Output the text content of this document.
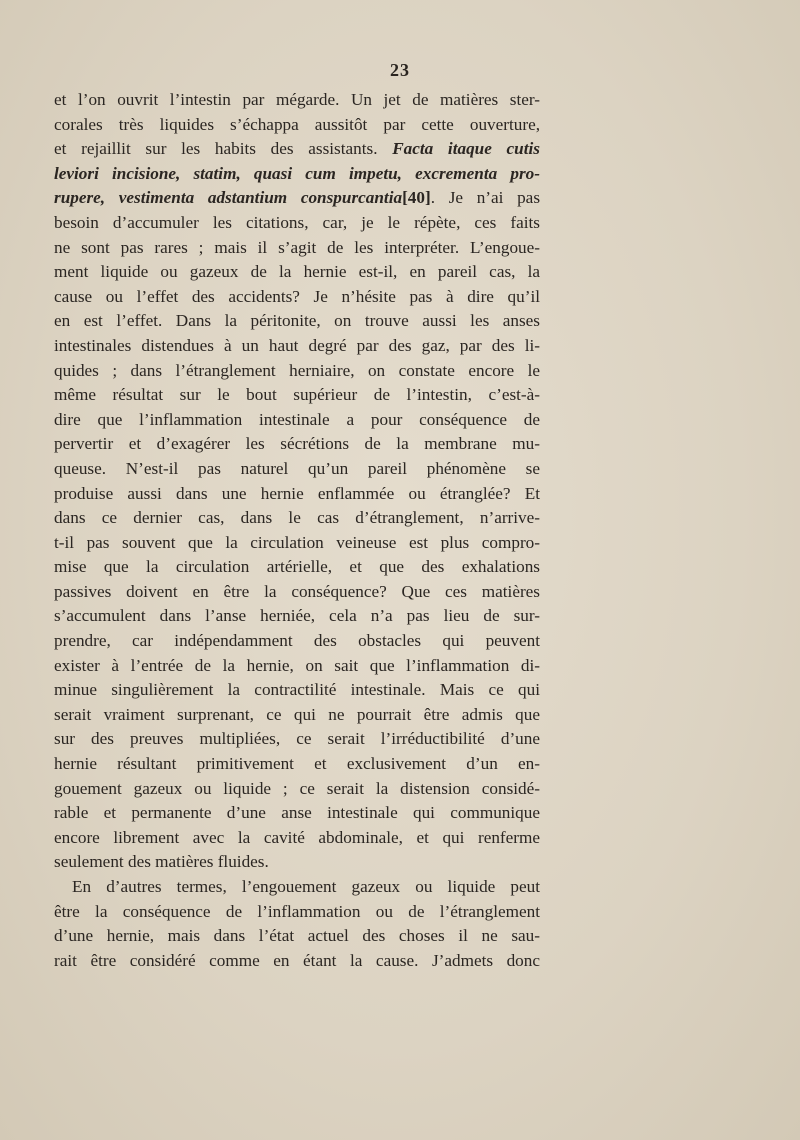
23
et l’on ouvrit l’intestin par mégarde. Un jet de matières ster-
corales très liquides s’échappa aussitôt par cette ouverture,
et rejaillit sur les habits des assistants. Facta itaque cutis
leviori incisione, statim, quasi cum impetu, excrementa pro-
rupere, vestimenta adstantium conspurcantia[40]. Je n’ai pas
besoin d’accumuler les citations, car, je le répète, ces faits
ne sont pas rares ; mais il s’agit de les interpréter. L’engoue-
ment liquide ou gazeux de la hernie est-il, en pareil cas, la
cause ou l’effet des accidents? Je n’hésite pas à dire qu’il
en est l’effet. Dans la péritonite, on trouve aussi les anses
intestinales distendues à un haut degré par des gaz, par des li-
quides ; dans l’étranglement herniaire, on constate encore le
même résultat sur le bout supérieur de l’intestin, c’est-à-
dire que l’inflammation intestinale a pour conséquence de
pervertir et d’exagérer les sécrétions de la membrane mu-
queuse. N’est-il pas naturel qu’un pareil phénomène se
produise aussi dans une hernie enflammée ou étranglée? Et
dans ce dernier cas, dans le cas d’étranglement, n’arrive-
t-il pas souvent que la circulation veineuse est plus compro-
mise que la circulation artérielle, et que des exhalations
passives doivent en être la conséquence? Que ces matières
s’accumulent dans l’anse herniée, cela n’a pas lieu de sur-
prendre, car indépendamment des obstacles qui peuvent
exister à l’entrée de la hernie, on sait que l’inflammation di-
minue singulièrement la contractilité intestinale. Mais ce qui
serait vraiment surprenant, ce qui ne pourrait être admis que
sur des preuves multipliées, ce serait l’irréductibilité d’une
hernie résultant primitivement et exclusivement d’un en-
gouement gazeux ou liquide ; ce serait la distension considé-
rable et permanente d’une anse intestinale qui communique
encore librement avec la cavité abdominale, et qui renferme
seulement des matières fluides.
En d’autres termes, l’engouement gazeux ou liquide peut
être la conséquence de l’inflammation ou de l’étranglement
d’une hernie, mais dans l’état actuel des choses il ne sau-
rait être considéré comme en étant la cause. J’admets donc
